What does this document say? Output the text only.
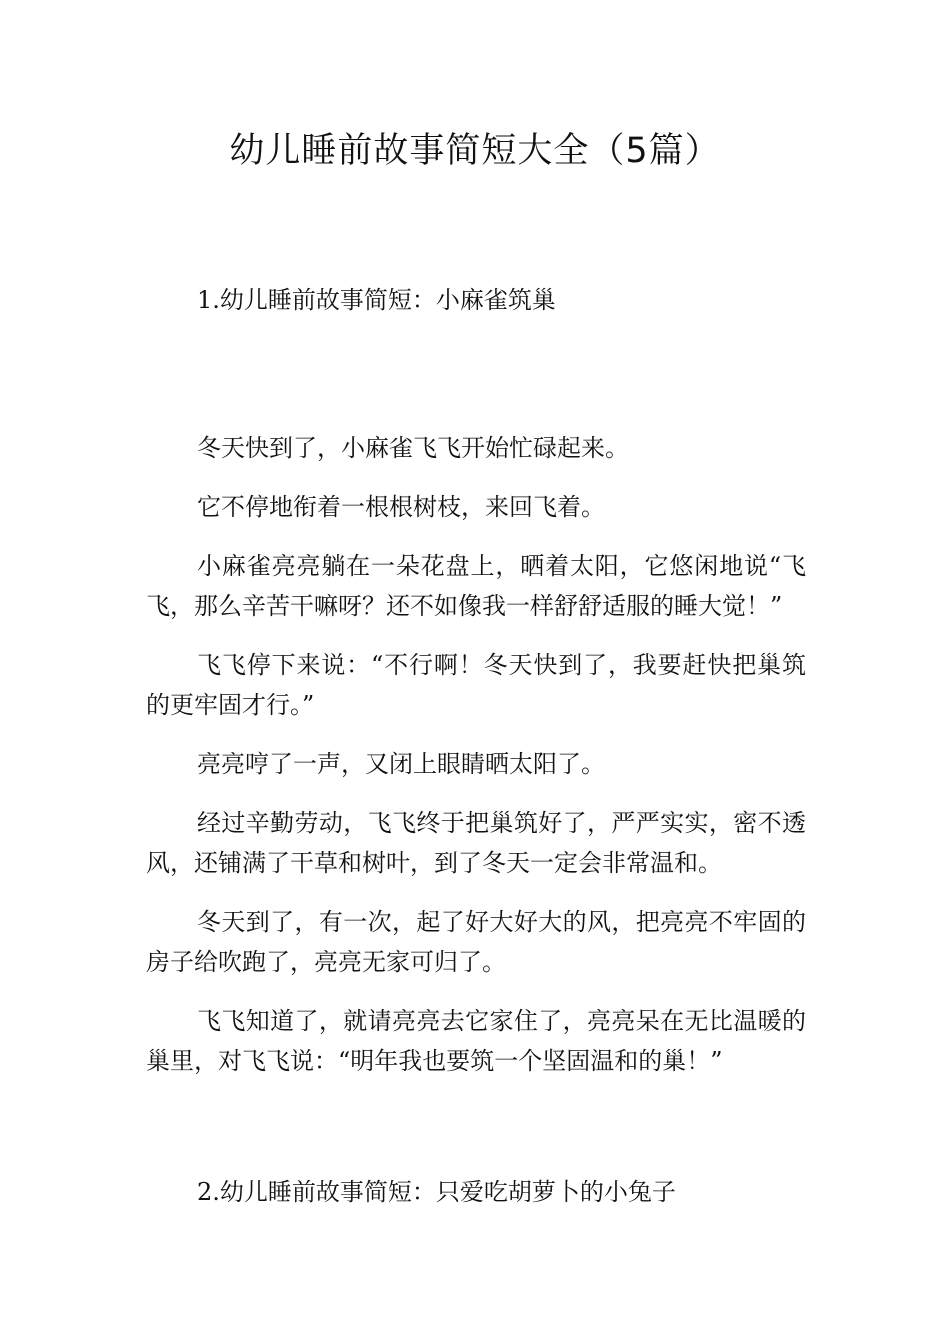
幼儿睡前故事简短大全（5篇）
1.幼儿睡前故事简短：小麻雀筑巢

冬天快到了，小麻雀飞飞开始忙碌起来。

它不停地衔着一根根树枝，来回飞着。

小麻雀亮亮躺在一朵花盘上，晒着太阳，它悠闲地说“飞飞，那么辛苦干嘛呀？还不如像我一样舒舒适服的睡大觉！”

飞飞停下来说：“不行啊！冬天快到了，我要赶快把巢筑的更牢固才行。”

亮亮哼了一声，又闭上眼睛晒太阳了。

经过辛勤劳动，飞飞终于把巢筑好了，严严实实，密不透风，还铺满了干草和树叶，到了冬天一定会非常温和。

冬天到了，有一次，起了好大好大的风，把亮亮不牢固的房子给吹跑了，亮亮无家可归了。

飞飞知道了，就请亮亮去它家住了，亮亮呆在无比温暖的巢里，对飞飞说：“明年我也要筑一个坚固温和的巢！”

2.幼儿睡前故事简短：只爱吃胡萝卜的小兔子
